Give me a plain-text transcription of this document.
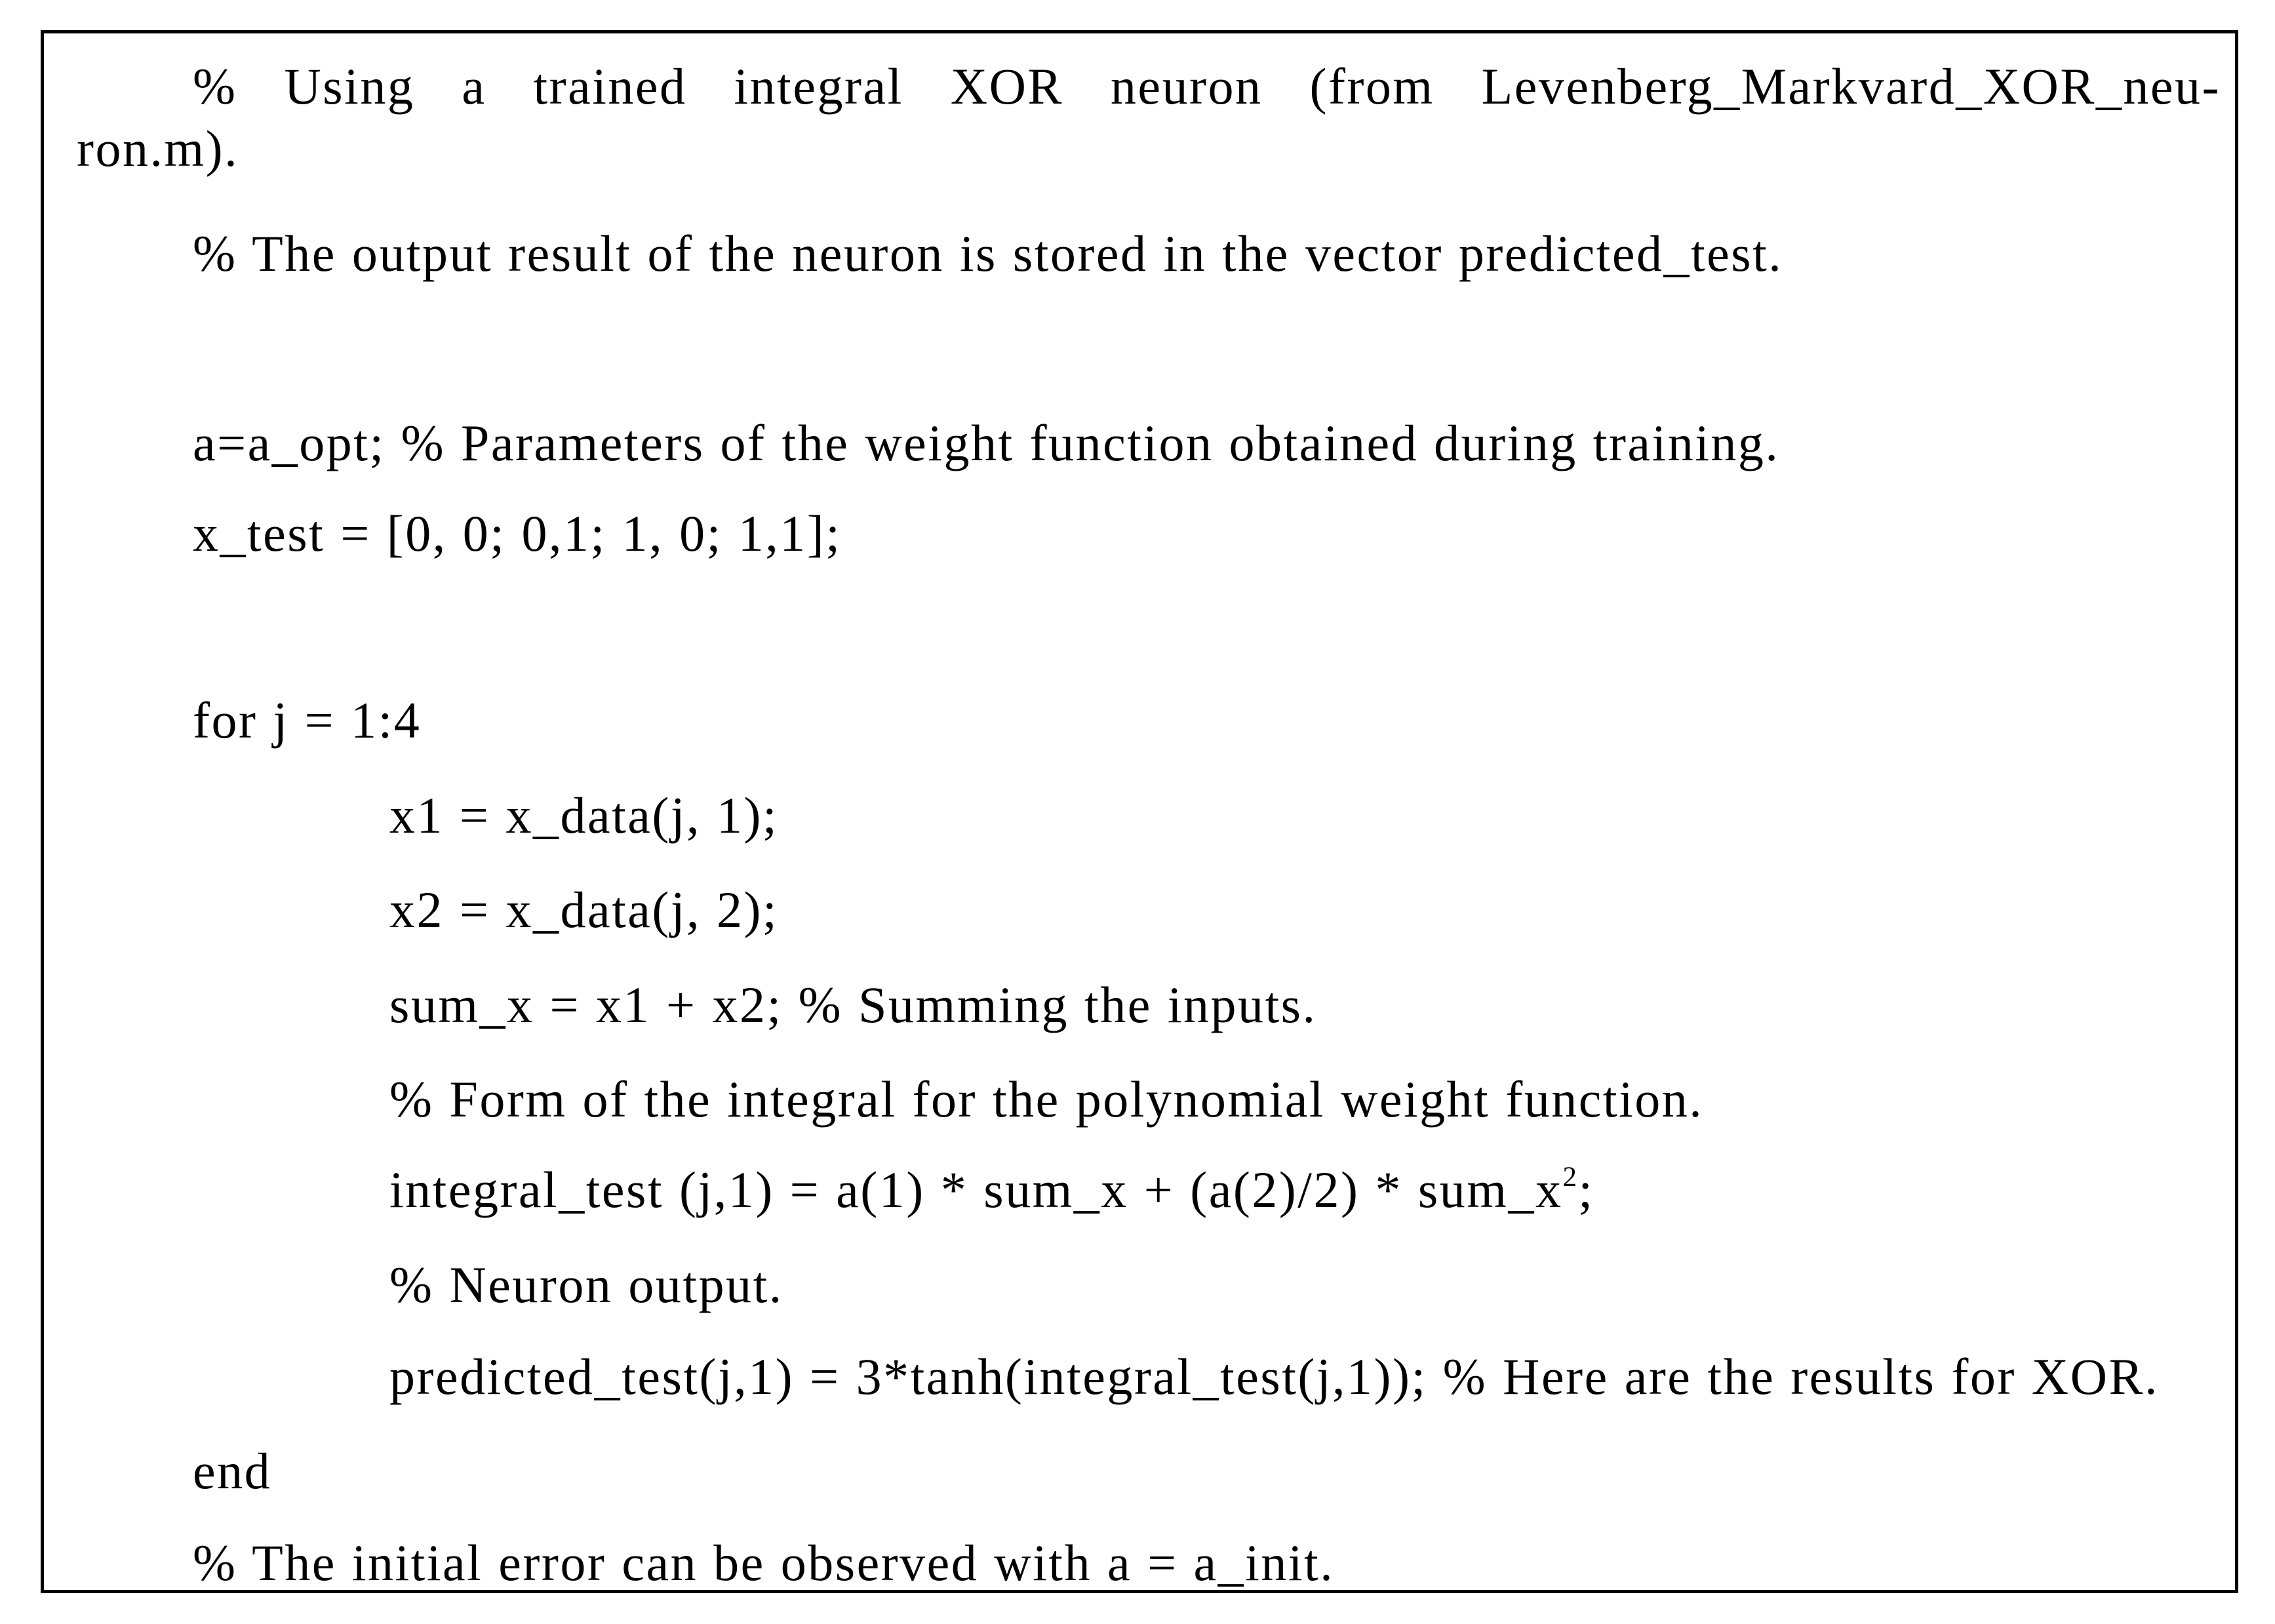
% Using a trained integral XOR neuron (from Levenberg_Markvard_XOR_neu-
ron.m).
% The output result of the neuron is stored in the vector predicted_test.
a=a_opt; % Parameters of the weight function obtained during training.
x_test = [0, 0; 0,1; 1, 0; 1,1];
for j = 1:4
x1 = x_data(j, 1);
x2 = x_data(j, 2);
sum_x = x1 + x2; % Summing the inputs.
% Form of the integral for the polynomial weight function.
integral_test (j,1) = a(1) * sum_x + $(a(2)/2) * sum\_x^2$;
% Neuron output.
predicted_test(j,1) = 3*tanh(integral_test(j,1)); % Here are the results for XOR.
end
% The initial error can be observed with a = a_init.
